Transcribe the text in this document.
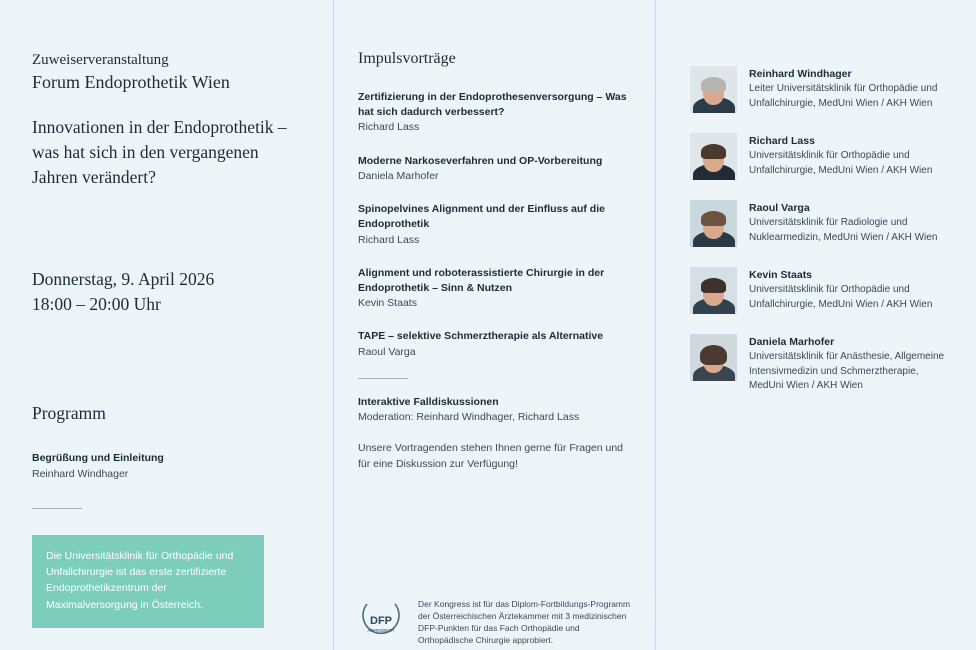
Zuweiserveranstaltung
Forum Endoprothetik Wien
Innovationen in der Endoprothetik – was hat sich in den vergangenen Jahren verändert?
Donnerstag, 9. April 2026
18:00 – 20:00 Uhr
Programm
Begrüßung und Einleitung
Reinhard Windhager
Die Universitätsklinik für Orthopädie und Unfallchirurgie ist das erste zertifizierte Endoprothetikzentrum der Maximalversorgung in Österreich.
Impulsvorträge
Zertifizierung in der Endoprothesenversorgung – Was hat sich dadurch verbessert?
Richard Lass
Moderne Narkoseverfahren und OP-Vorbereitung
Daniela Marhofer
Spinopelvines Alignment und der Einfluss auf die Endoprothetik
Richard Lass
Alignment und roboterassistierte Chirurgie in der Endoprothetik – Sinn & Nutzen
Kevin Staats
TAPE – selektive Schmerztherapie als Alternative
Raoul Varga
Interaktive Falldiskussionen
Moderation: Reinhard Windhager, Richard Lass
Unsere Vortragenden stehen Ihnen gerne für Fragen und für eine Diskussion zur Verfügung!
Reinhard Windhager
Leiter Universitätsklinik für Orthopädie und Unfallchirurgie, MedUni Wien / AKH Wien
Richard Lass
Universitätsklinik für Orthopädie und Unfallchirurgie, MedUni Wien / AKH Wien
Raoul Varga
Universitätsklinik für Radiologie und Nuklearmedizin, MedUni Wien / AKH Wien
Kevin Staats
Universitätsklinik für Orthopädie und Unfallchirurgie, MedUni Wien / AKH Wien
Daniela Marhofer
Universitätsklinik für Anästhesie, Allgemeine Intensivmedizin und Schmerztherapie, MedUni Wien / AKH Wien
DFP
APPROBIERT
Der Kongress ist für das Diplom-Fortbildungs-Programm der Österreichischen Ärztekammer mit 3 medizinischen DFP-Punkten für das Fach Orthopädie und Orthopädische Chirurgie approbiert.
